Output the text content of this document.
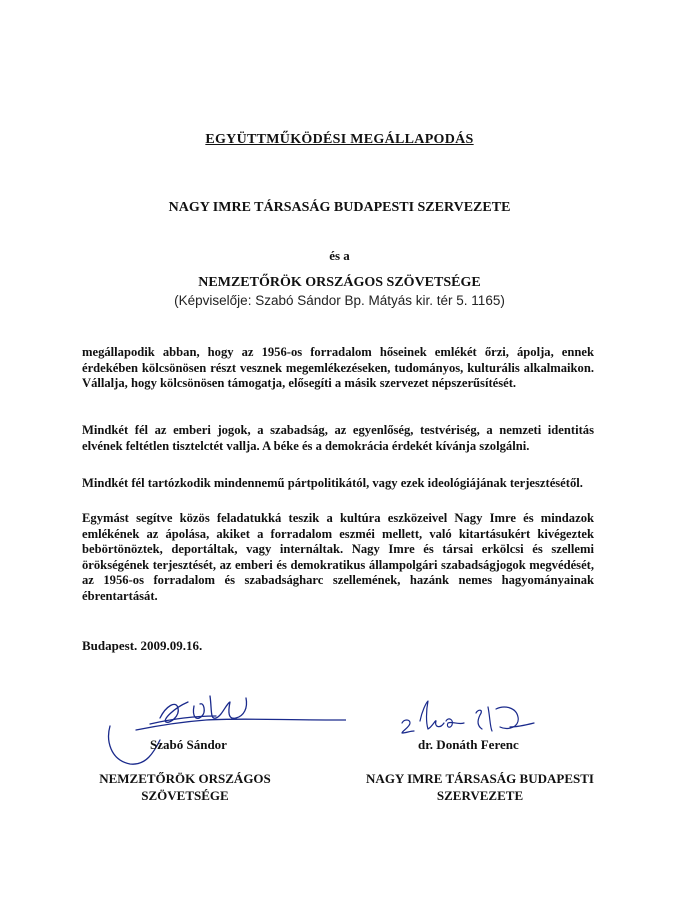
EGYÜTTMŰKÖDÉSI MEGÁLLAPODÁS
NAGY IMRE TÁRSASÁG BUDAPESTI SZERVEZETE
és a
NEMZETŐRÖK ORSZÁGOS SZÖVETSÉGE
(Képviselője: Szabó Sándor Bp. Mátyás kir. tér 5. 1165)

megállapodik abban, hogy az 1956-os forradalom hőseinek emlékét őrzi, ápolja, ennek érdekében kölcsönösen részt vesznek megemlékezéseken, tudományos, kulturális alkalmaikon. Vállalja, hogy kölcsönösen támogatja, elősegíti a másik szervezet népszerűsítését.

Mindkét fél az emberi jogok, a szabadság, az egyenlőség, testvériség, a nemzeti identitás elvének feltétlen tisztelctét vallja. A béke és a demokrácia érdekét kívánja szolgálni.

Mindkét fél tartózkodik mindennemű pártpolitikától, vagy ezek ideológiájának terjesztésétől.

Egymást segítve közös feladatukká teszik a kultúra eszközeivel Nagy Imre és mindazok emlékének az ápolása, akiket a forradalom eszméi mellett, való kitartásukért kivégeztek bebörtönöztek, deportáltak, vagy internáltak. Nagy Imre és társai erkölcsi és szellemi örökségének terjesztését, az emberi és demokratikus állampolgári szabadságjogok megvédését, az 1956-os forradalom és szabadságharc szellemének, hazánk nemes hagyományainak ébrentartását.

Budapest. 2009.09.16.
Szabó Sándor	dr. Donáth Ferenc
NEMZETŐRÖK ORSZÁGOS
SZÖVETSÉGE
NAGY IMRE TÁRSASÁG BUDAPESTI
SZERVEZETE
